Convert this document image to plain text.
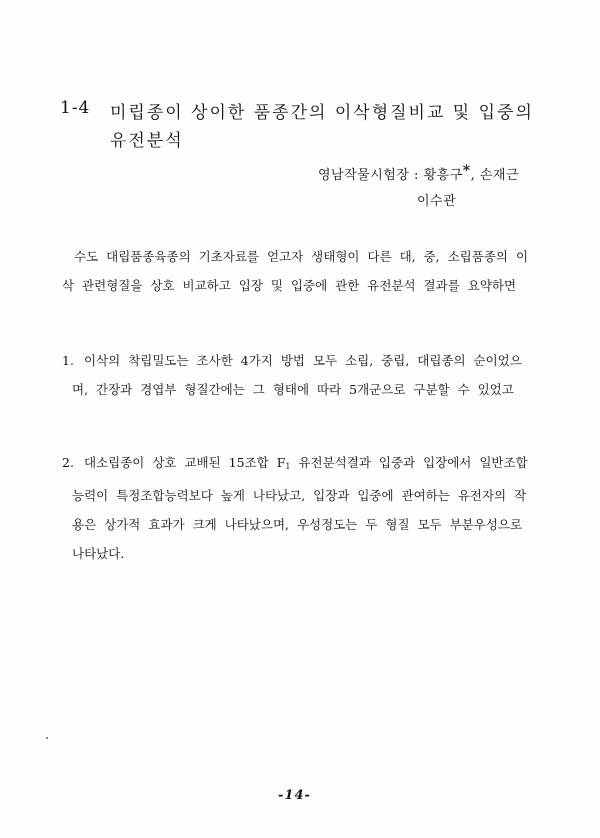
1-4 미립종이 상이한 품종간의 이삭형질비교 및 입중의
유전분석
영남작물시험장 : 황흥구*, 손재근
이수관
수도 대립품종육종의 기초자료를 얻고자 생태형이 다른 대, 중, 소립품종의 이삭 관련형질을 상호 비교하고 입장 및 입중에 관한 유전분석 결과를 요약하면
1. 이삭의 착립밀도는 조사한 4가지 방법 모두 소립, 중립, 대립종의 순이었으며, 간장과 경엽부 형질간에는 그 형태에 따라 5개군으로 구분할 수 있었고
2. 대소립종이 상호 교배된 15조합 $F_1$ 유전분석결과 입중과 입장에서 일반조합능력이 특정조합능력보다 높게 나타났고, 입장과 입중에 관여하는 유전자의 작용은 상가적 효과가 크게 나타났으며, 우성정도는 두 형질 모두 부분우성으로 나타났다.
-14-
